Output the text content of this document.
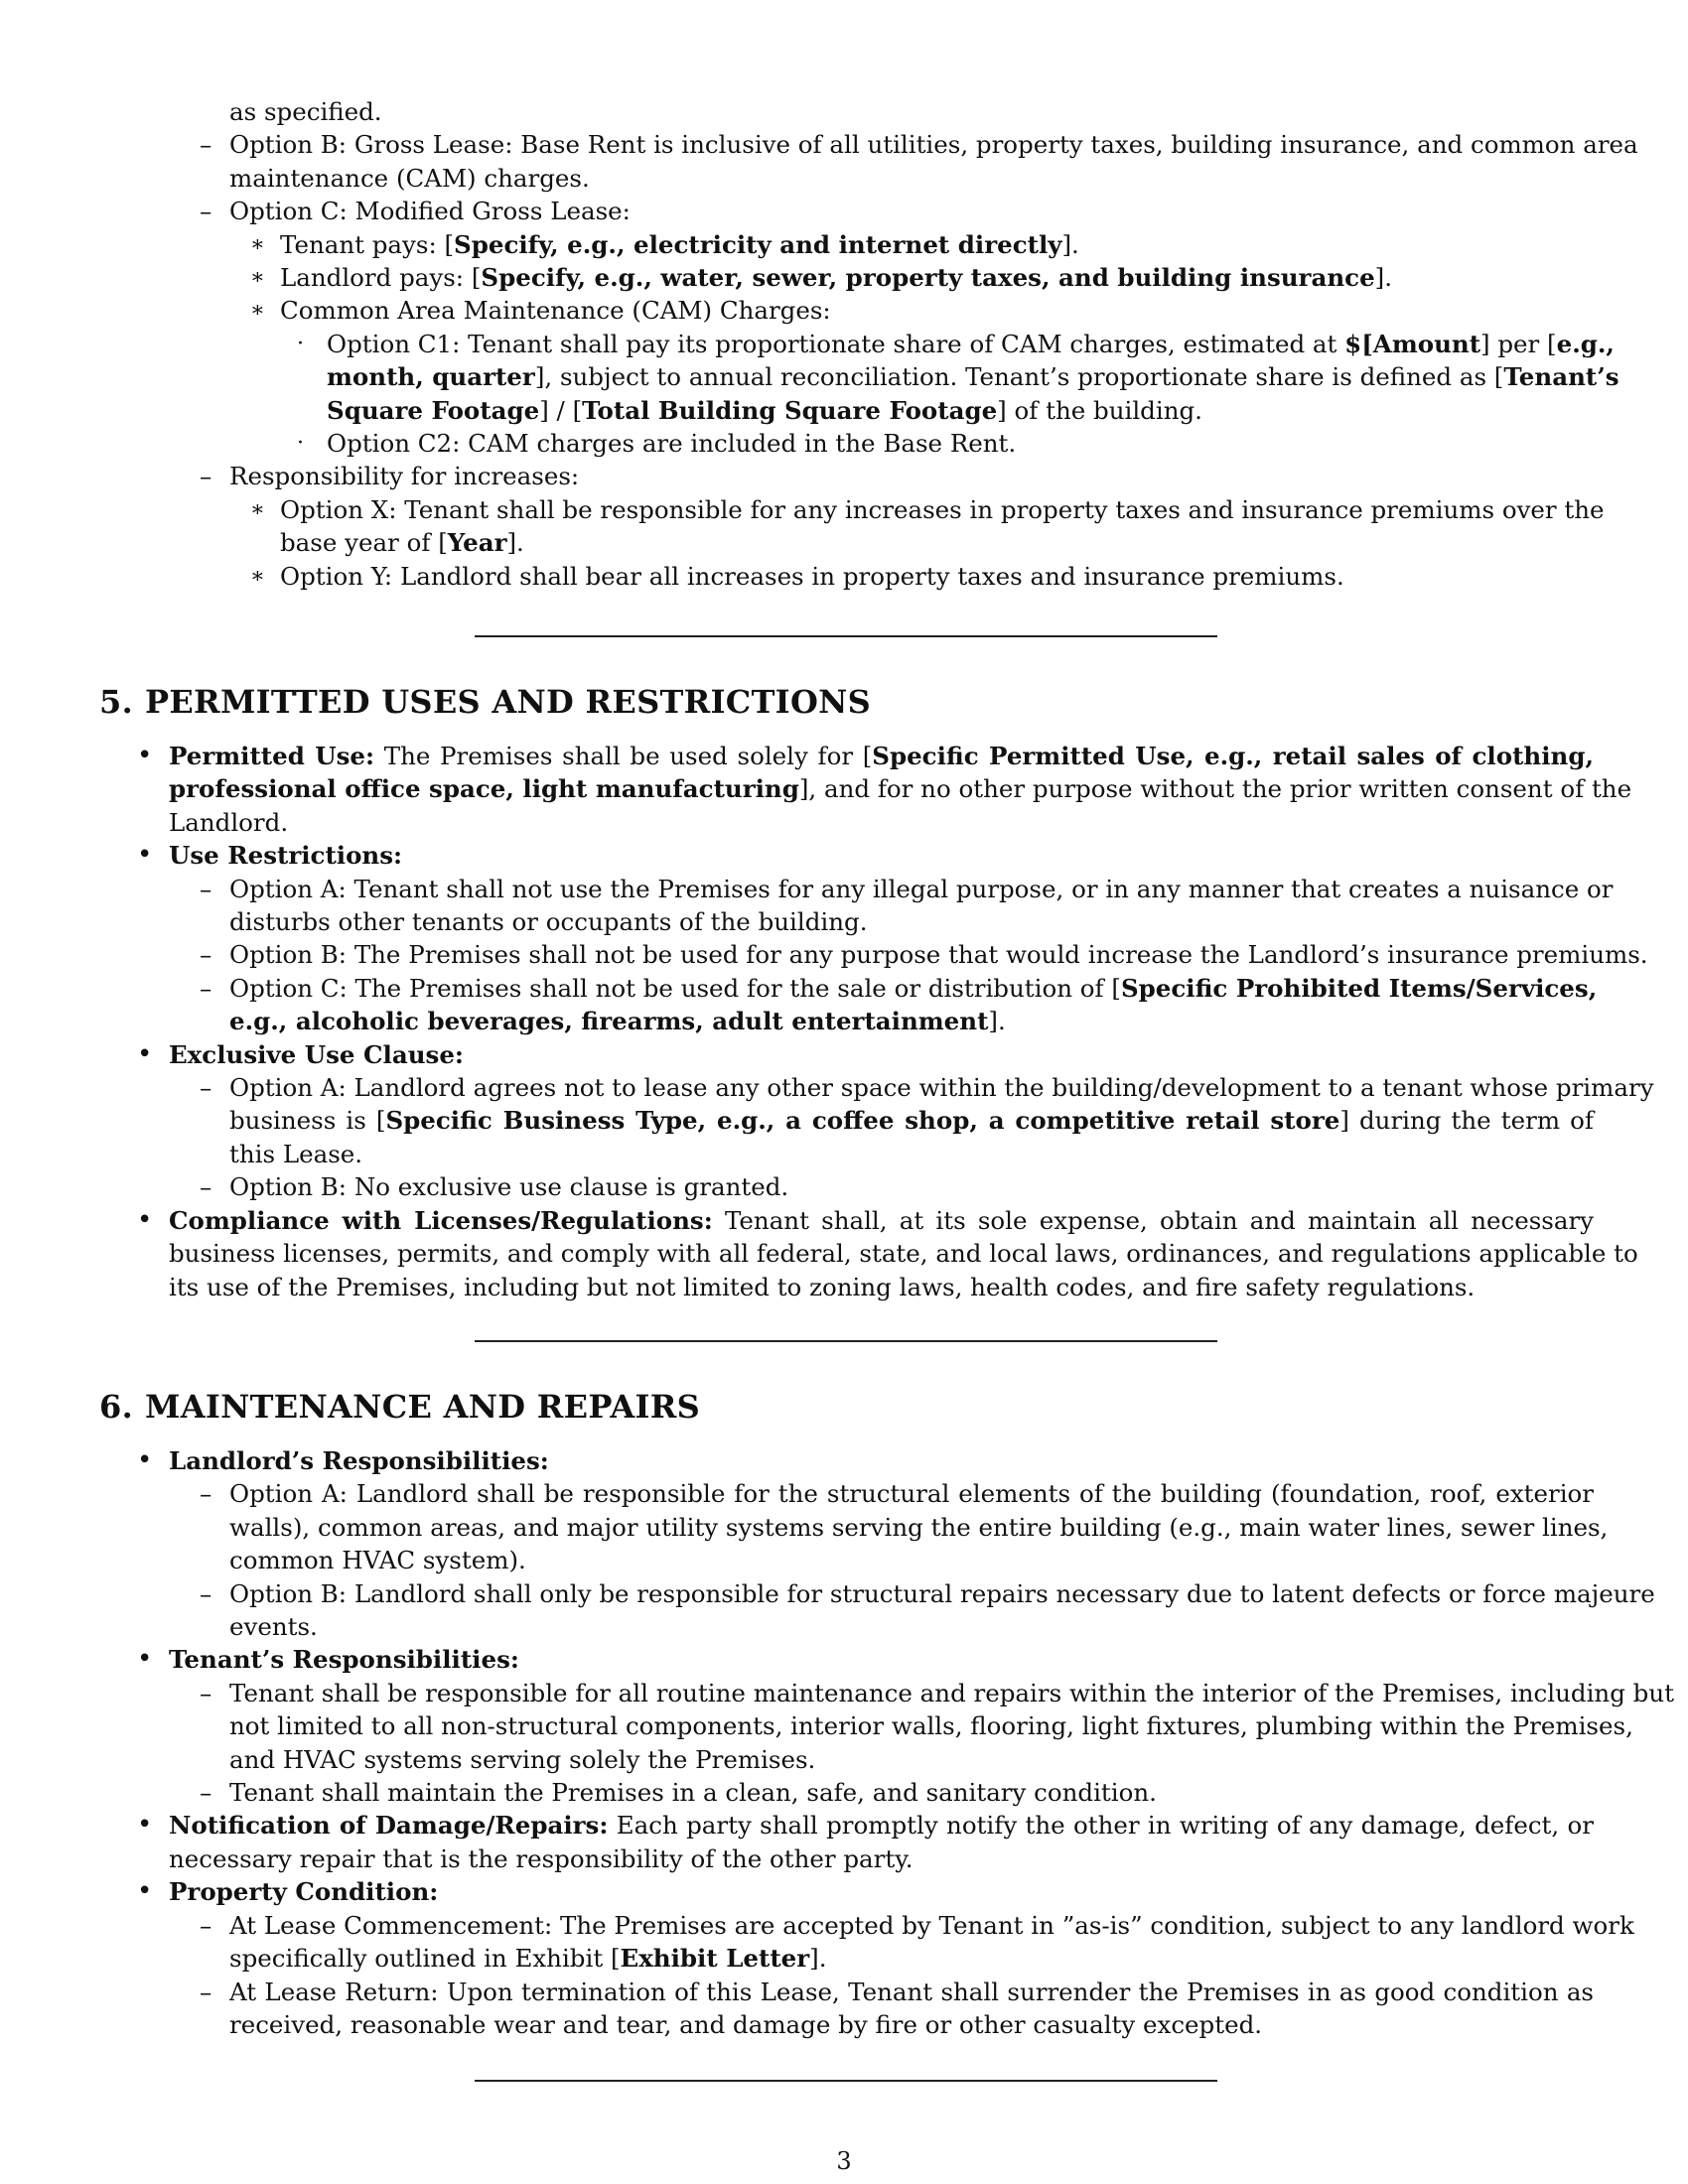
as specified.
– Option B: Gross Lease: Base Rent is inclusive of all utilities, property taxes, building insurance, and common area
maintenance (CAM) charges.
– Option C: Modified Gross Lease:
∗ Tenant pays: [Specify, e.g., electricity and internet directly].
∗ Landlord pays: [Specify, e.g., water, sewer, property taxes, and building insurance].
∗ Common Area Maintenance (CAM) Charges:
· Option C1: Tenant shall pay its proportionate share of CAM charges, estimated at $[Amount] per [e.g.,
month, quarter], subject to annual reconciliation. Tenant’s proportionate share is defined as [Tenant’s
Square Footage] / [Total Building Square Footage] of the building.
· Option C2: CAM charges are included in the Base Rent.
– Responsibility for increases:
∗ Option X: Tenant shall be responsible for any increases in property taxes and insurance premiums over the
base year of [Year].
∗ Option Y: Landlord shall bear all increases in property taxes and insurance premiums.
5. PERMITTED USES AND RESTRICTIONS
• Permitted Use: The Premises shall be used solely for [Specific Permitted Use, e.g., retail sales of clothing,
professional office space, light manufacturing], and for no other purpose without the prior written consent of the
Landlord.
• Use Restrictions:
– Option A: Tenant shall not use the Premises for any illegal purpose, or in any manner that creates a nuisance or
disturbs other tenants or occupants of the building.
– Option B: The Premises shall not be used for any purpose that would increase the Landlord’s insurance premiums.
– Option C: The Premises shall not be used for the sale or distribution of [Specific Prohibited Items/Services,
e.g., alcoholic beverages, firearms, adult entertainment].
• Exclusive Use Clause:
– Option A: Landlord agrees not to lease any other space within the building/development to a tenant whose primary
business is [Specific Business Type, e.g., a coffee shop, a competitive retail store] during the term of
this Lease.
– Option B: No exclusive use clause is granted.
• Compliance with Licenses/Regulations: Tenant shall, at its sole expense, obtain and maintain all necessary
business licenses, permits, and comply with all federal, state, and local laws, ordinances, and regulations applicable to
its use of the Premises, including but not limited to zoning laws, health codes, and fire safety regulations.
6. MAINTENANCE AND REPAIRS
• Landlord’s Responsibilities:
– Option A: Landlord shall be responsible for the structural elements of the building (foundation, roof, exterior
walls), common areas, and major utility systems serving the entire building (e.g., main water lines, sewer lines,
common HVAC system).
– Option B: Landlord shall only be responsible for structural repairs necessary due to latent defects or force majeure
events.
• Tenant’s Responsibilities:
– Tenant shall be responsible for all routine maintenance and repairs within the interior of the Premises, including but
not limited to all non-structural components, interior walls, flooring, light fixtures, plumbing within the Premises,
and HVAC systems serving solely the Premises.
– Tenant shall maintain the Premises in a clean, safe, and sanitary condition.
• Notification of Damage/Repairs: Each party shall promptly notify the other in writing of any damage, defect, or
necessary repair that is the responsibility of the other party.
• Property Condition:
– At Lease Commencement: The Premises are accepted by Tenant in ”as-is” condition, subject to any landlord work
specifically outlined in Exhibit [Exhibit Letter].
– At Lease Return: Upon termination of this Lease, Tenant shall surrender the Premises in as good condition as
received, reasonable wear and tear, and damage by fire or other casualty excepted.
3
